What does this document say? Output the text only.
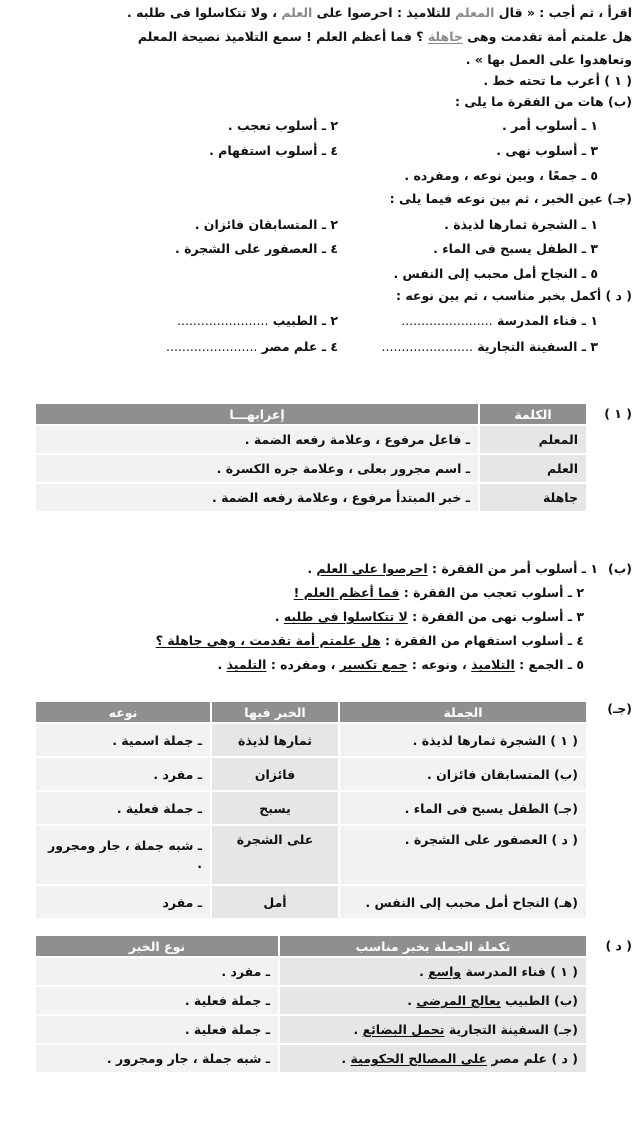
اقرأ ، ثم أجب : « قال المعلم للتلاميذ : احرصوا على العلم ، ولا تتكاسلوا فى طلبه .
هل علمتم أمة تقدمت وهى جاهلة ؟ فما أعظم العلم ! سمع التلاميذ نصيحة المعلم
وتعاهدوا على العمل بها » .
( ١ ) أعرب ما تحته خط .
(ب) هات من الفقرة ما يلى :
١ ـ أسلوب أمر .
٢ ـ أسلوب تعجب .
٣ ـ أسلوب نهى .
٤ ـ أسلوب استفهام .
٥ ـ جمعًا ، وبين نوعه ، ومفرده .
(جـ) عين الخبر ، ثم بين نوعه فيما يلى :
١ ـ الشجرة ثمارها لذيذة .
٢ ـ المتسابقان فائزان .
٣ ـ الطفل يسبح فى الماء .
٤ ـ العصفور على الشجرة .
٥ ـ النجاح أمل محبب إلى النفس .
( د ) أكمل بخبر مناسب ، ثم بين نوعه :
١ ـ فناء المدرسة .......................
٢ ـ الطبيب .......................
٣ ـ السفينة التجارية .......................
٤ ـ علم مصر .......................
( ١ )
الكلمة	إعرابهـــا
المعلم	ـ فاعل مرفوع ، وعلامة رفعه الضمة .
العلم	ـ اسم مجرور بعلى ، وعلامة جره الكسرة .
جاهلة	ـ خبر المبتدأ مرفوع ، وعلامة رفعه الضمة .
(ب)
١ ـ أسلوب أمر من الفقرة : احرصوا على العلم .
٢ ـ أسلوب تعجب من الفقرة : فما أعظم العلم !
٣ ـ أسلوب نهى من الفقرة : لا تتكاسلوا فى طلبه .
٤ ـ أسلوب استفهام من الفقرة : هل علمتم أمة تقدمت ، وهى جاهلة ؟
٥ ـ الجمع : التلاميذ ، ونوعه : جمع تكسير ، ومفرده : التلميذ .
(جـ)
الجملة	الخبر فيها	نوعه
( ١ ) الشجرة ثمارها لذيذة .	ثمارها لذيذة	ـ جملة اسمية .
(ب) المتسابقان فائزان .	فائزان	ـ مفرد .
(جـ) الطفل يسبح فى الماء .	يسبح	ـ جملة فعلية .
( د ) العصفور على الشجرة .	على الشجرة	ـ شبه جملة ، جار ومجرور .
(هـ) النجاح أمل محبب إلى النفس .	أمل	ـ مفرد
( د )
تكملة الجملة بخبر مناسب	نوع الخبر
( ١ ) فناء المدرسة واسع .	ـ مفرد .
(ب) الطبيب يعالج المرضى .	ـ جملة فعلية .
(جـ) السفينة التجارية تحمل البضائع .	ـ جملة فعلية .
( د ) علم مصر على المصالح الحكومية .	ـ شبه جملة ، جار ومجرور .
